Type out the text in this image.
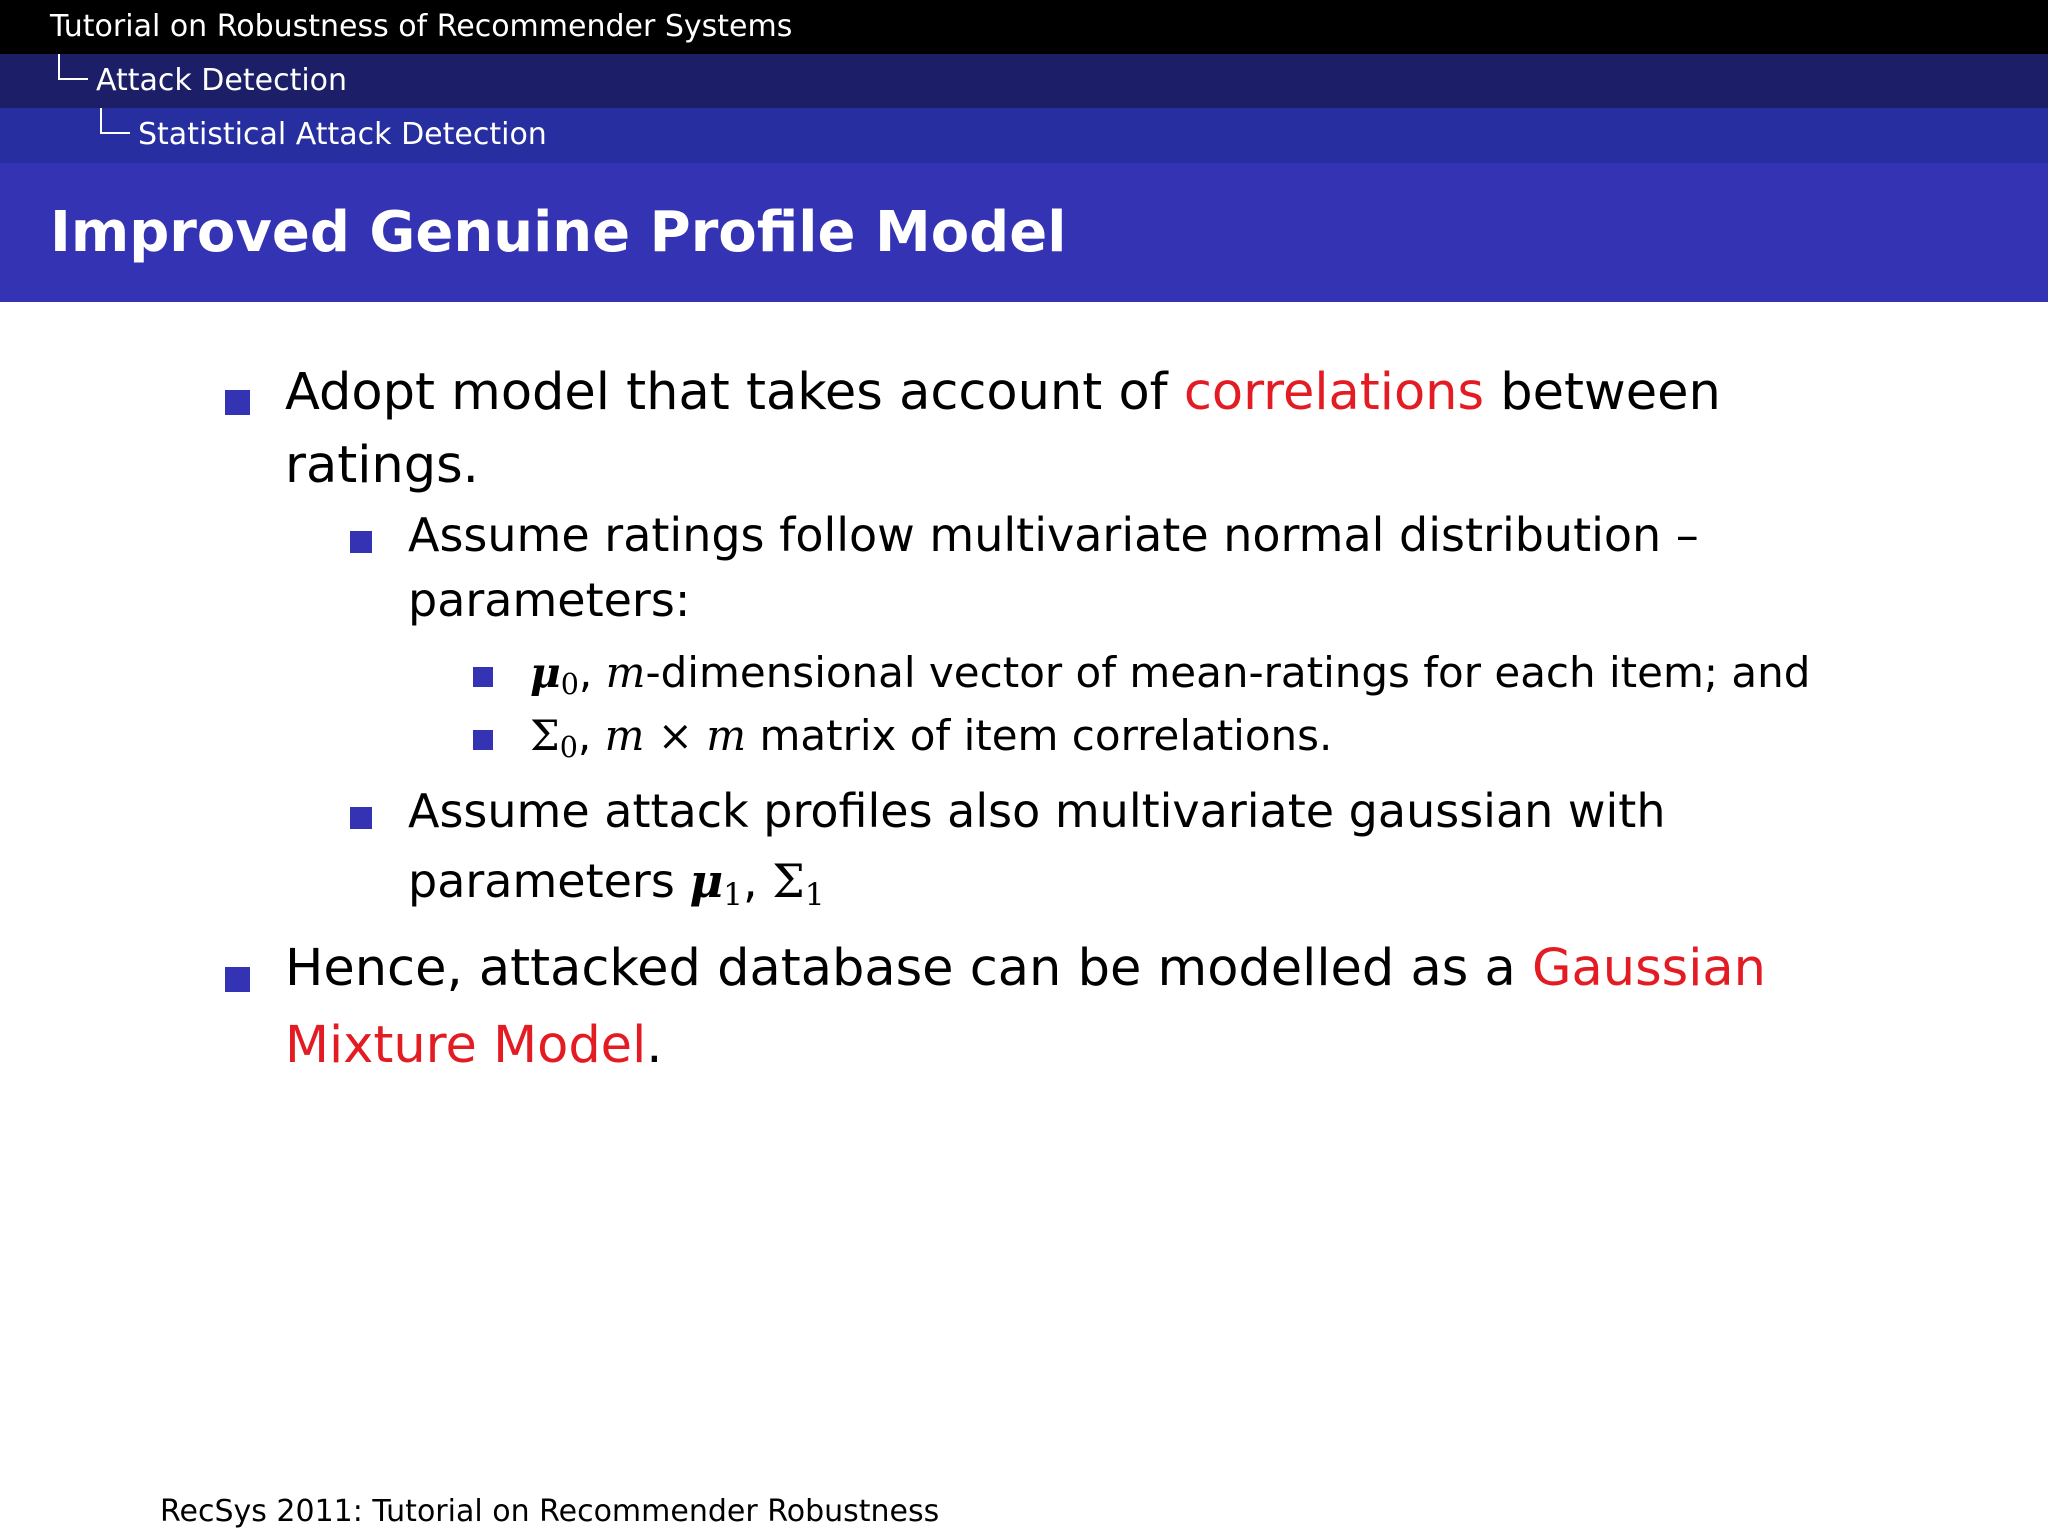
Tutorial on Robustness of Recommender Systems
Attack Detection
Statistical Attack Detection
Improved Genuine Profile Model
Adopt model that takes account of correlations between
ratings.
Assume ratings follow multivariate normal distribution –
parameters:
$\mu_0$, m-dimensional vector of mean-ratings for each item; and
$\Sigma_0$, m × m matrix of item correlations.
Assume attack profiles also multivariate gaussian with
parameters $\mu_1$, $\Sigma_1$
Hence, attacked database can be modelled as a Gaussian
Mixture Model.
RecSys 2011: Tutorial on Recommender Robustness
